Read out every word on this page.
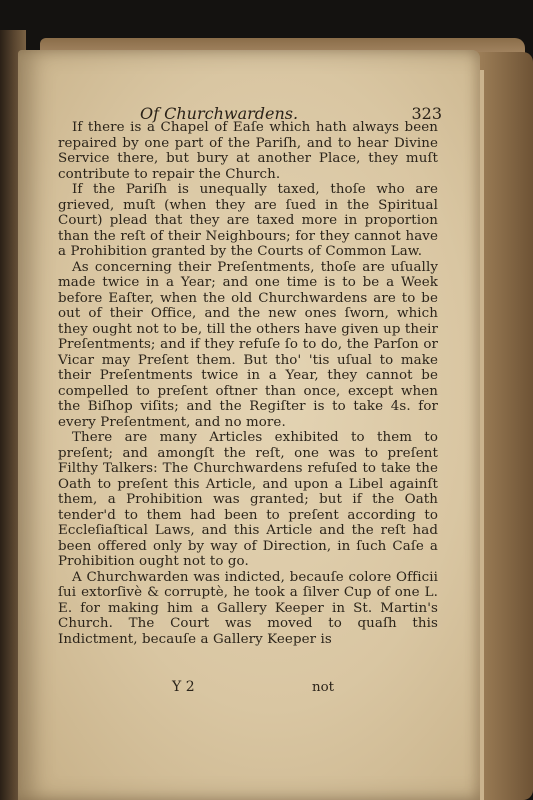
Of Churchwardens.	323

If there is a Chapel of Eaſe which hath always been repaired by one part of the Pariſh, and to hear Divine Service there, but bury at another Place, they muſt contribute to repair the Church.

If the Pariſh is unequally taxed, thoſe who are grieved, muſt (when they are ſued in the Spiritual Court) plead that they are taxed more in proportion than the reſt of their Neighbours; for they cannot have a Prohibition granted by the Courts of Common Law.

As concerning their Preſentments, thoſe are uſually made twice in a Year; and one time is to be a Week before Eaſter, when the old Churchwardens are to be out of their Office, and the new ones ſworn, which they ought not to be, till the others have given up their Preſentments; and if they refuſe ſo to do, the Parſon or Vicar may Preſent them. But tho' 'tis uſual to make their Preſentments twice in a Year, they cannot be compelled to preſent oftner than once, except when the Biſhop viſits; and the Regiſter is to take 4s. for every Preſentment, and no more.

There are many Articles exhibited to them to preſent; and amongſt the reſt, one was to preſent Filthy Talkers: The Churchwardens refuſed to take the Oath to preſent this Article, and upon a Libel againſt them, a Prohibition was granted; but if the Oath tender'd to them had been to preſent according to Eccleſiaſtical Laws, and this Article and the reſt had been offered only by way of Direction, in ſuch Caſe a Prohibition ought not to go.

A Churchwarden was indicted, becauſe colore Officii ſui extorſivè & corruptè, he took a ſilver Cup of one L. E. for making him a Gallery Keeper in St. Martin's Church. The Court was moved to quaſh this Indictment, becauſe a Gallery Keeper is

Y 2	not
